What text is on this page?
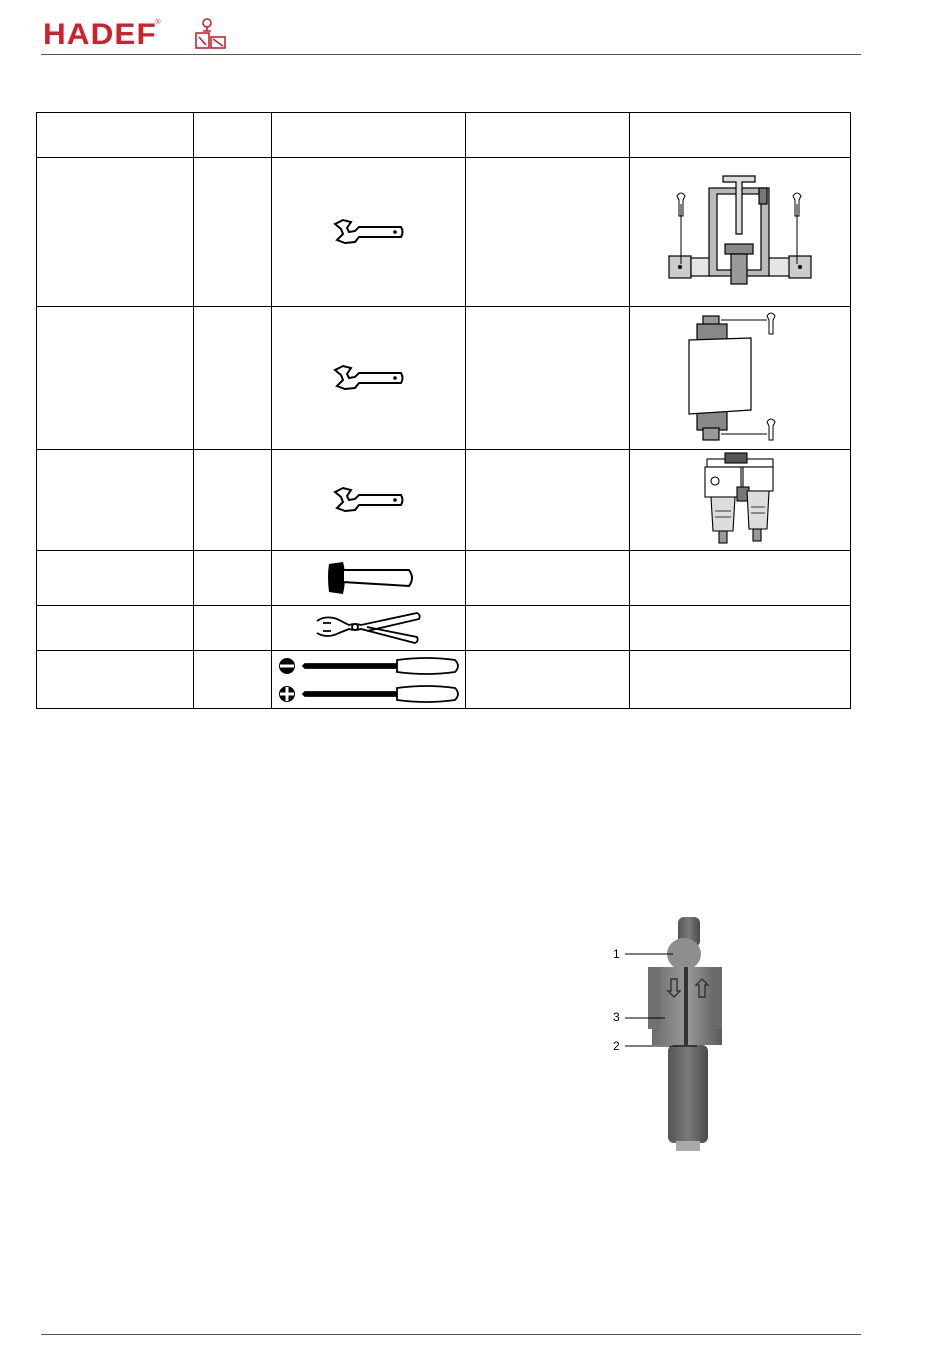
HADEF
®

1
3
2
